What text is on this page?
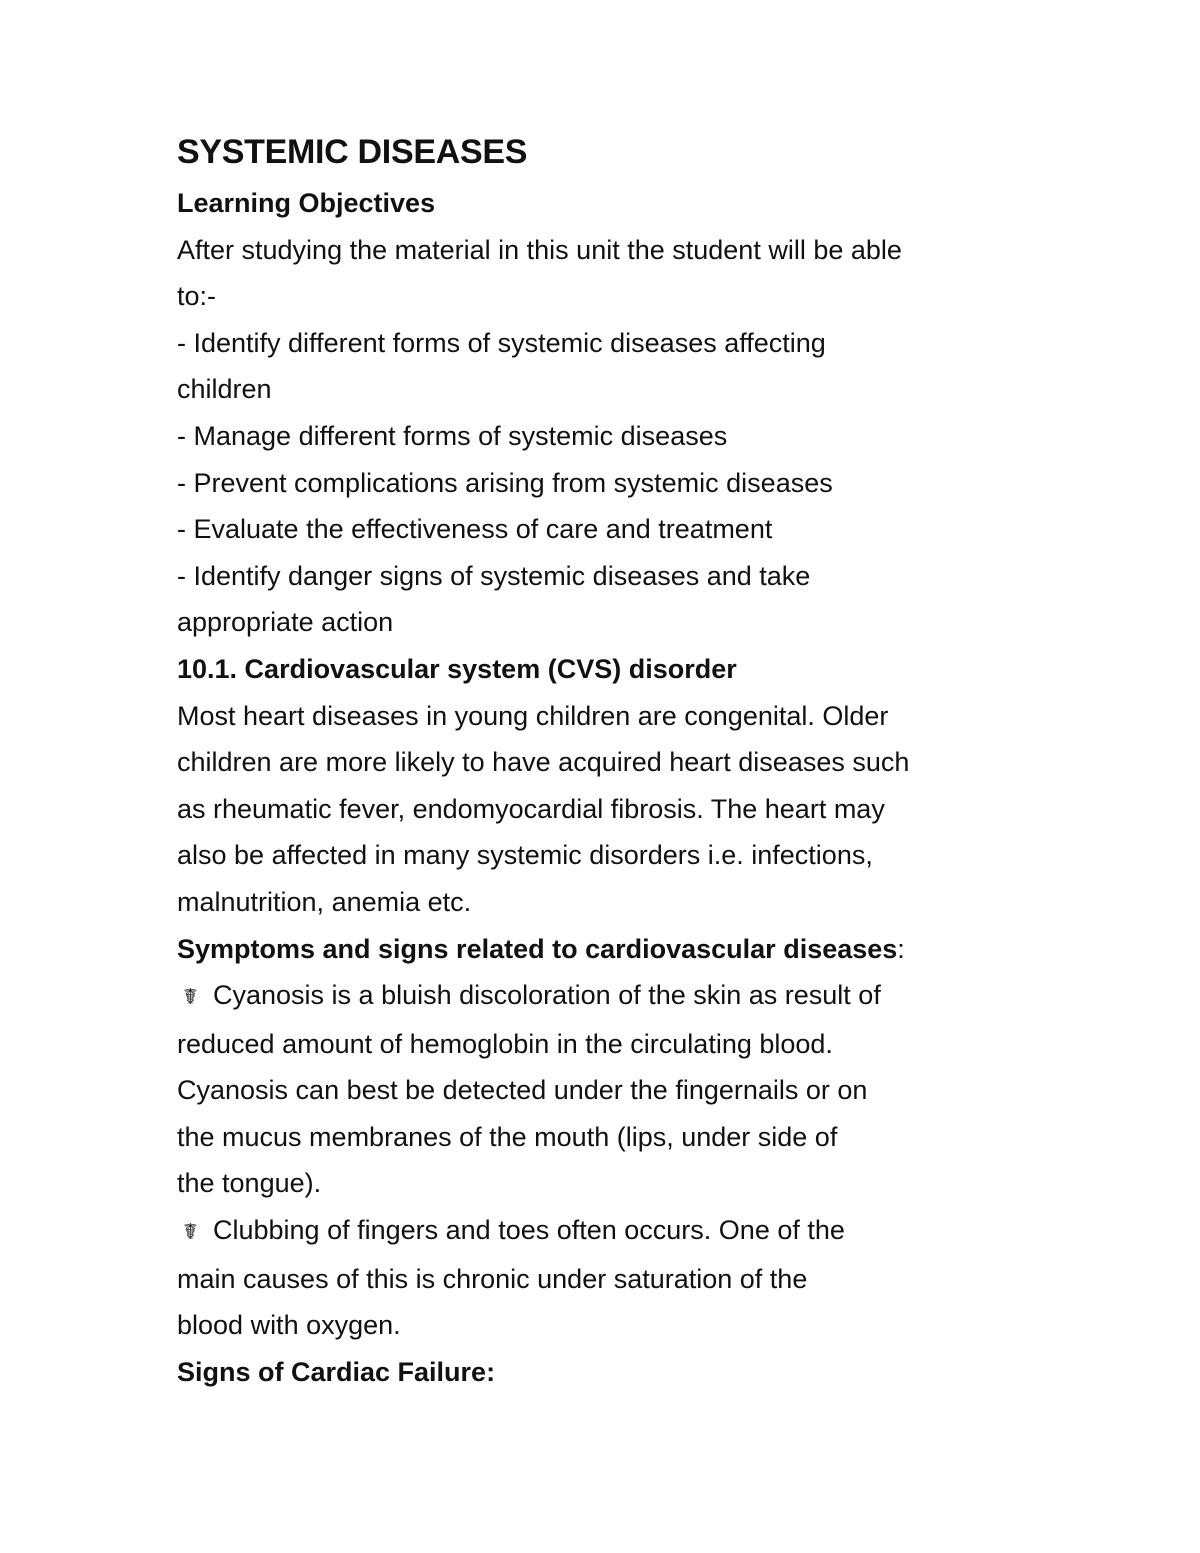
SYSTEMIC DISEASES

Learning Objectives

After studying the material in this unit the student will be able

to:-

- Identify different forms of systemic diseases affecting

children

- Manage different forms of systemic diseases

- Prevent complications arising from systemic diseases

- Evaluate the effectiveness of care and treatment

- Identify danger signs of systemic diseases and take

appropriate action

10.1. Cardiovascular system (CVS) disorder

Most heart diseases in young children are congenital. Older

children are more likely to have acquired heart diseases such

as rheumatic fever, endomyocardial fibrosis. The heart may

also be affected in many systemic disorders i.e. infections,

malnutrition, anemia etc.

Symptoms and signs related to cardiovascular diseases:

☤ Cyanosis is a bluish discoloration of the skin as result of

reduced amount of hemoglobin in the circulating blood.

Cyanosis can best be detected under the fingernails or on

the mucus membranes of the mouth (lips, under side of

the tongue).

☤ Clubbing of fingers and toes often occurs. One of the

main causes of this is chronic under saturation of the

blood with oxygen.

Signs of Cardiac Failure:
